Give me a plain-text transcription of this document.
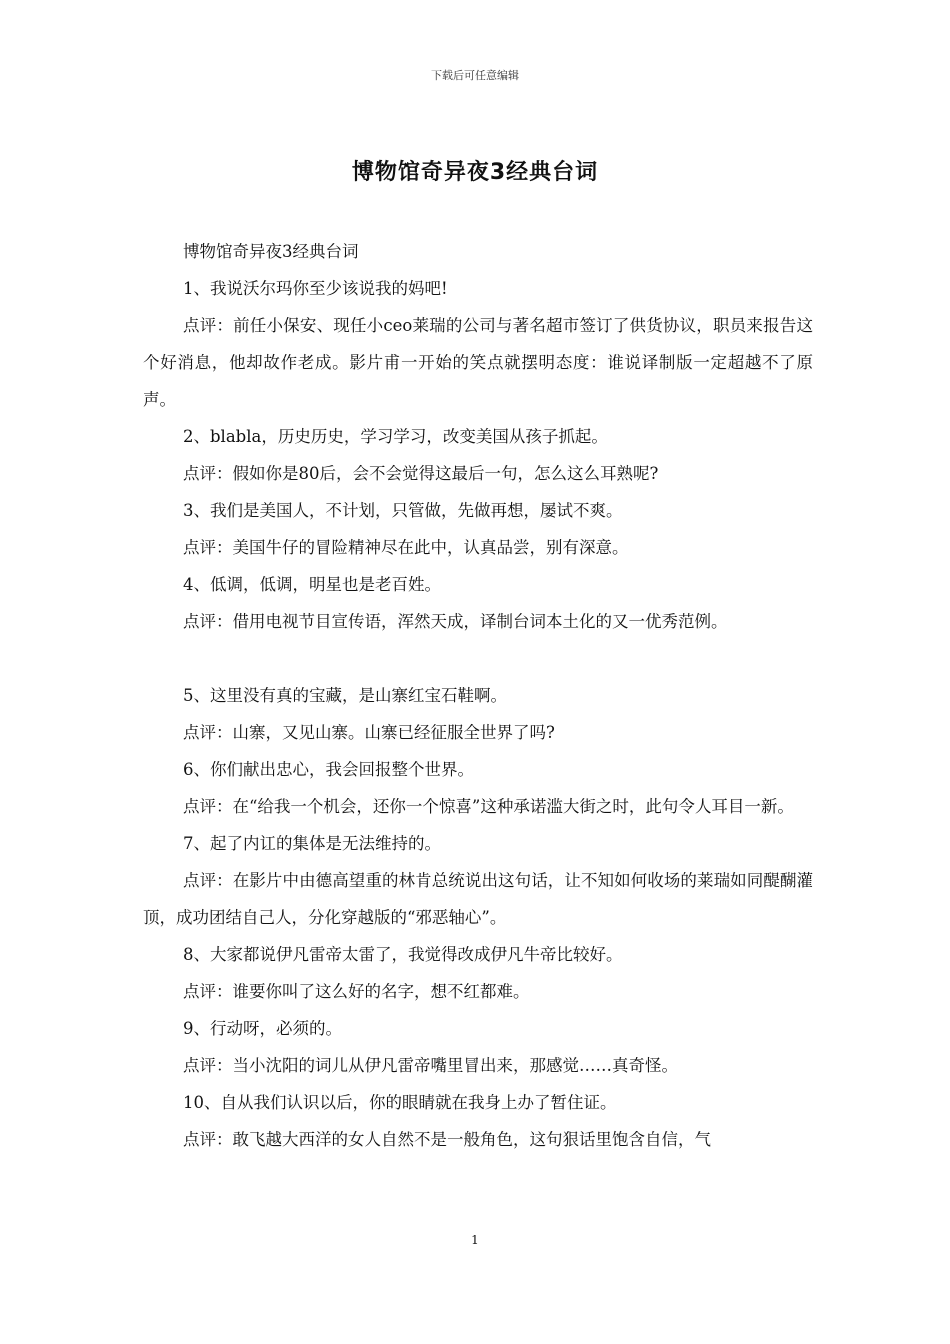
下载后可任意编辑
博物馆奇异夜3经典台词

博物馆奇异夜3经典台词

1、我说沃尔玛你至少该说我的妈吧!

点评：前任小保安、现任小ceo莱瑞的公司与著名超市签订了供货协议，职员来报告这个好消息，他却故作老成。影片甫一开始的笑点就摆明态度：谁说译制版一定超越不了原声。

2、blabla，历史历史，学习学习，改变美国从孩子抓起。

点评：假如你是80后，会不会觉得这最后一句，怎么这么耳熟呢?

3、我们是美国人，不计划，只管做，先做再想，屡试不爽。

点评：美国牛仔的冒险精神尽在此中，认真品尝，别有深意。

4、低调，低调，明星也是老百姓。

点评：借用电视节目宣传语，浑然天成，译制台词本土化的又一优秀范例。

5、这里没有真的宝藏，是山寨红宝石鞋啊。

点评：山寨，又见山寨。山寨已经征服全世界了吗?

6、你们献出忠心，我会回报整个世界。

点评：在“给我一个机会，还你一个惊喜”这种承诺滥大街之时，此句令人耳目一新。

7、起了内讧的集体是无法维持的。

点评：在影片中由德高望重的林肯总统说出这句话，让不知如何收场的莱瑞如同醍醐灌顶，成功团结自己人，分化穿越版的“邪恶轴心”。

8、大家都说伊凡雷帝太雷了，我觉得改成伊凡牛帝比较好。

点评：谁要你叫了这么好的名字，想不红都难。

9、行动呀，必须的。

点评：当小沈阳的词儿从伊凡雷帝嘴里冒出来，那感觉……真奇怪。

10、自从我们认识以后，你的眼睛就在我身上办了暂住证。

点评：敢飞越大西洋的女人自然不是一般角色，这句狠话里饱含自信，气

1
